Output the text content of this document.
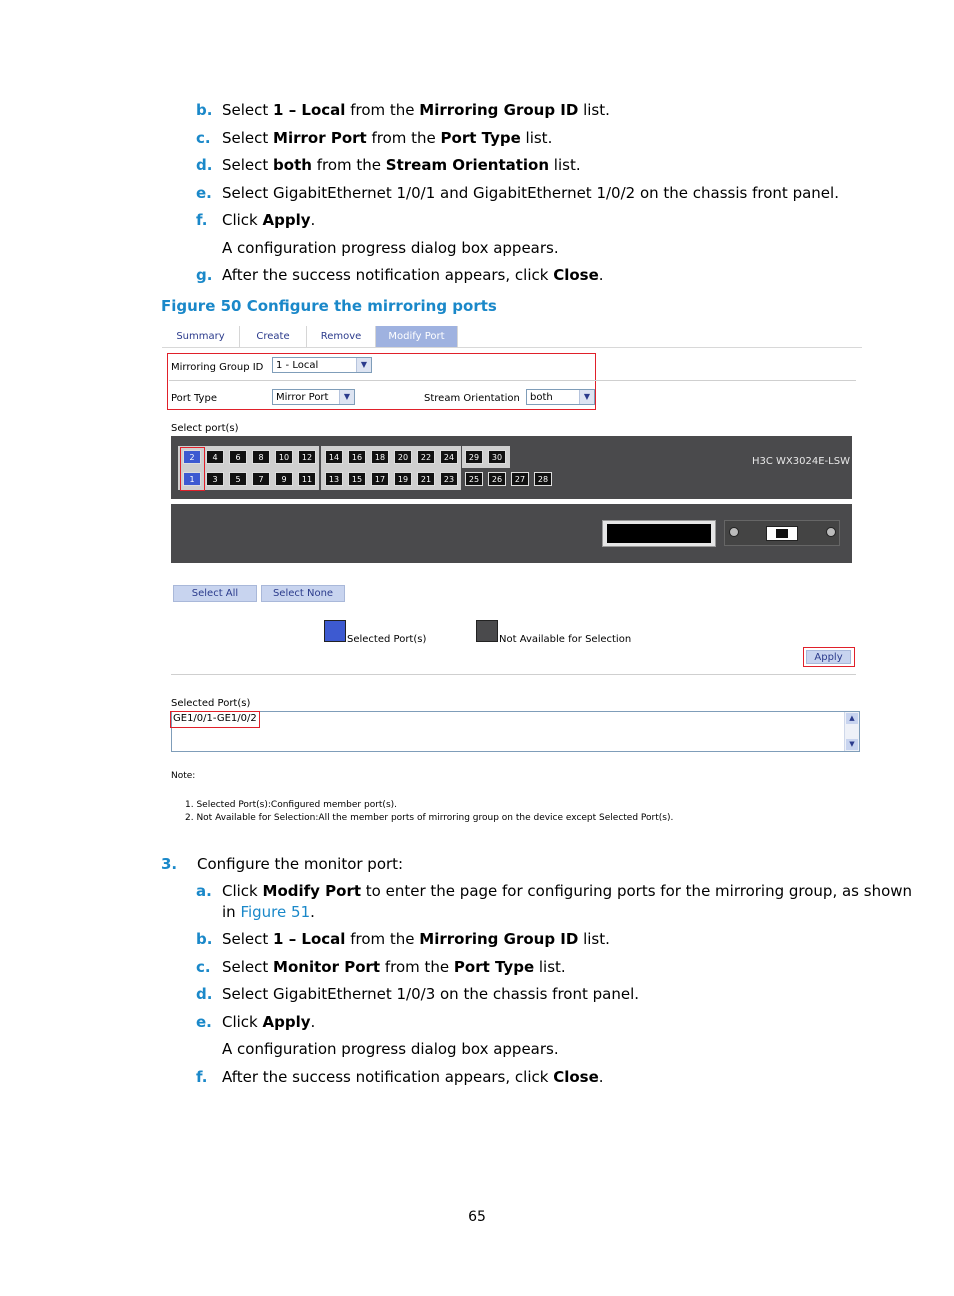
b. Select 1 – Local from the Mirroring Group ID list.
c. Select Mirror Port from the Port Type list.
d. Select both from the Stream Orientation list.
e. Select GigabitEthernet 1/0/1 and GigabitEthernet 1/0/2 on the chassis front panel.
f. Click Apply.
A configuration progress dialog box appears.
g. After the success notification appears, click Close.
Figure 50 Configure the mirroring ports
Summary	Create	Remove	Modify Port
Mirroring Group ID	1 - Local	▼
Port Type	Mirror Port	▼	Stream Orientation	both	▼
Select port(s)
2	4	6	8	10	12	14	16	18	20	22	24	29	30
1	3	5	7	9	11	13	15	17	19	21	23	25	26	27	28
H3C WX3024E-LSW
Select All	Select None
Selected Port(s)	Not Available for Selection
Apply
Selected Port(s)
▲
▼
GE1/0/1-GE1/0/2
Note:
1. Selected Port(s):Configured member port(s).
2. Not Available for Selection:All the member ports of mirroring group on the device except Selected Port(s).
3. Configure the monitor port:
a. Click Modify Port to enter the page for configuring ports for the mirroring group, as shown
in Figure 51.
b. Select 1 – Local from the Mirroring Group ID list.
c. Select Monitor Port from the Port Type list.
d. Select GigabitEthernet 1/0/3 on the chassis front panel.
e. Click Apply.
A configuration progress dialog box appears.
f. After the success notification appears, click Close.
65
